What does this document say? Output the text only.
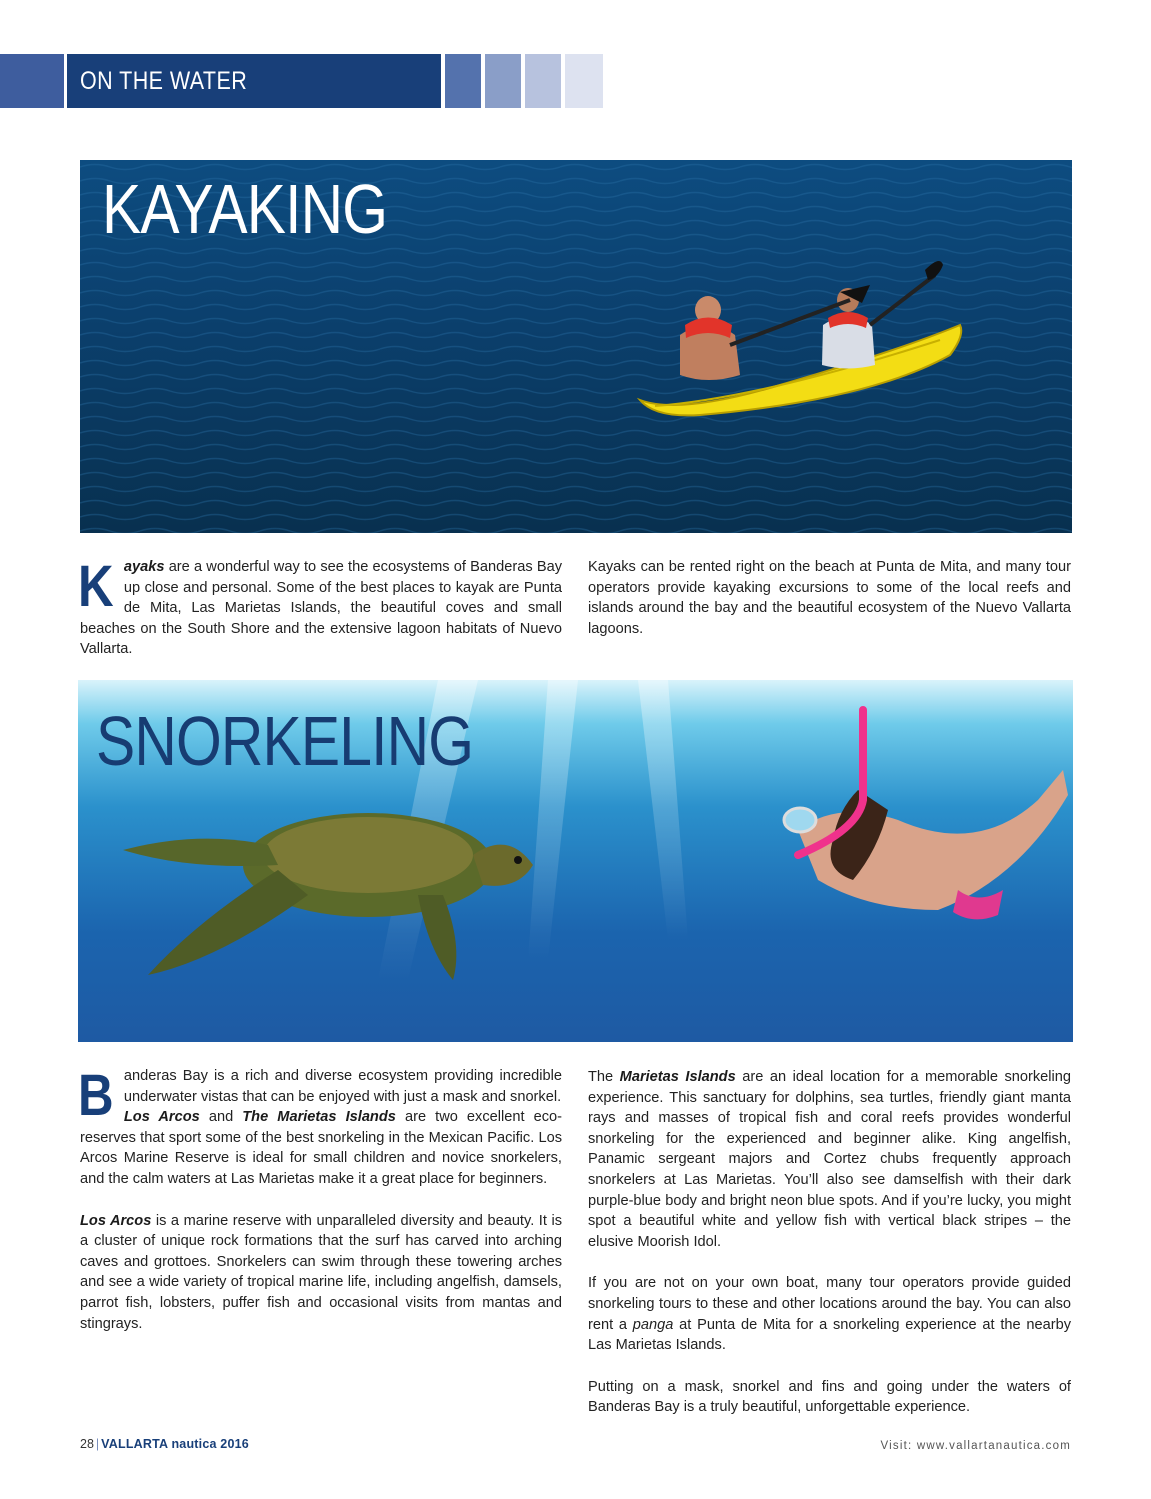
ON THE WATER
KAYAKING

Kayaks are a wonderful way to see the ecosystems of Banderas Bay up close and personal. Some of the best places to kayak are Punta de Mita, Las Marietas Islands, the beautiful coves and small beaches on the South Shore and the extensive lagoon habitats of Nuevo Vallarta.

Kayaks can be rented right on the beach at Punta de Mita, and many tour operators provide kayaking excursions to some of the local reefs and islands around the bay and the beautiful ecosystem of the Nuevo Vallarta lagoons.

SNORKELING

Banderas Bay is a rich and diverse ecosystem providing incredible underwater vistas that can be enjoyed with just a mask and snorkel.

Los Arcos and The Marietas Islands are two excellent eco-reserves that sport some of the best snorkeling in the Mexican Pacific. Los Arcos Marine Reserve is ideal for small children and novice snorkelers, and the calm waters at Las Marietas make it a great place for beginners.

Los Arcos is a marine reserve with unparalleled diversity and beauty. It is a cluster of unique rock formations that the surf has carved into arching caves and grottoes. Snorkelers can swim through these towering arches and see a wide variety of tropical marine life, including angelfish, damsels, parrot fish, lobsters, puffer fish and occasional visits from mantas and stingrays.

The Marietas Islands are an ideal location for a memorable snorkeling experience. This sanctuary for dolphins, sea turtles, friendly giant manta rays and masses of tropical fish and coral reefs provides wonderful snorkeling for the experienced and beginner alike. King angelfish, Panamic sergeant majors and Cortez chubs frequently approach snorkelers at Las Marietas. You’ll also see damselfish with their dark purple-blue body and bright neon blue spots. And if you’re lucky, you might spot a beautiful white and yellow fish with vertical black stripes – the elusive Moorish Idol.

If you are not on your own boat, many tour operators provide guided snorkeling tours to these and other locations around the bay. You can also rent a panga at Punta de Mita for a snorkeling experience at the nearby Las Marietas Islands.

Putting on a mask, snorkel and fins and going under the waters of Banderas Bay is a truly beautiful, unforgettable experience.

28 | VALLARTA nautica 2016	Visit: www.vallartanautica.com
